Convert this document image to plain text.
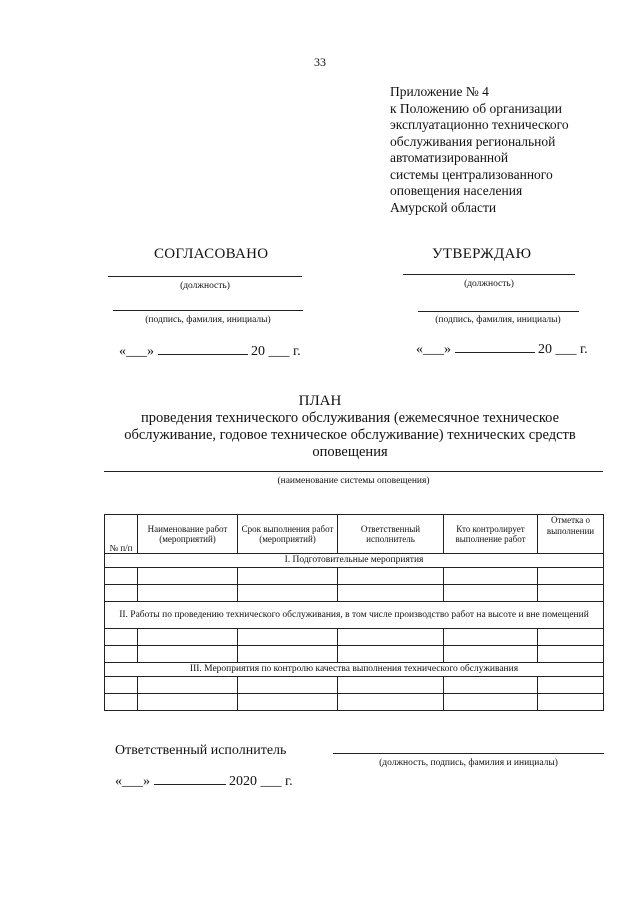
33
Приложение № 4
к Положению об организации
эксплуатационно технического
обслуживания региональной
автоматизированной
системы централизованного
оповещения населения
Амурской области
СОГЛАСОВАНО
(должность)
(подпись, фамилия, инициалы)
«___»	20 ___ г.
УТВЕРЖДАЮ
(должность)
(подпись, фамилия, инициалы)
«___»	20 ___ г.
ПЛАН
проведения технического обслуживания (ежемесячное техническое обслуживание, годовое техническое обслуживание) технических средств оповещения
(наименование системы оповещения)
№ п/п	Наименование работ (мероприятий)	Срок выполнения работ (мероприятий)	Ответственный исполнитель	Кто контролирует выполнение работ	Отметка о выполнении
I. Подготовительные мероприятия					

II. Работы по проведению технического обслуживания, в том числе производство работ на высоте и вне помещений					

III. Мероприятия по контролю качества выполнения технического обслуживания					

Ответственный исполнитель
(должность, подпись, фамилия и инициалы)
«___»	2020 ___ г.
